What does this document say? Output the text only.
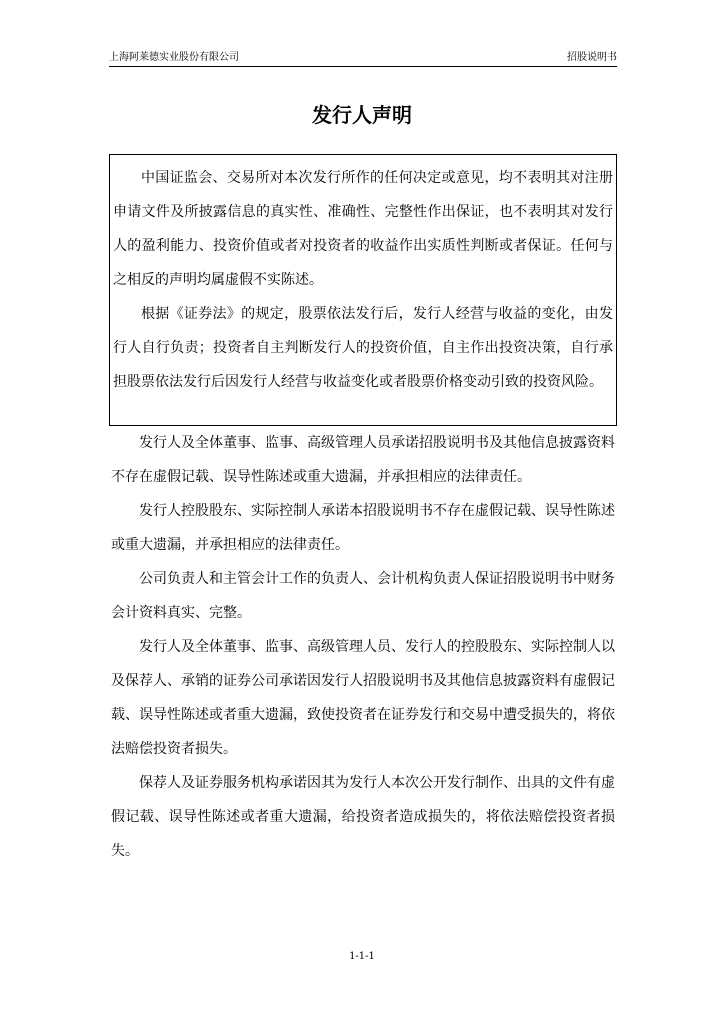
上海阿莱德实业股份有限公司	招股说明书
发行人声明

中国证监会、交易所对本次发行所作的任何决定或意见，均不表明其对注册申请文件及所披露信息的真实性、准确性、完整性作出保证，也不表明其对发行人的盈利能力、投资价值或者对投资者的收益作出实质性判断或者保证。任何与之相反的声明均属虚假不实陈述。

根据《证券法》的规定，股票依法发行后，发行人经营与收益的变化，由发行人自行负责；投资者自主判断发行人的投资价值，自主作出投资决策，自行承担股票依法发行后因发行人经营与收益变化或者股票价格变动引致的投资风险。

发行人及全体董事、监事、高级管理人员承诺招股说明书及其他信息披露资料不存在虚假记载、误导性陈述或重大遗漏，并承担相应的法律责任。

发行人控股股东、实际控制人承诺本招股说明书不存在虚假记载、误导性陈述或重大遗漏，并承担相应的法律责任。

公司负责人和主管会计工作的负责人、会计机构负责人保证招股说明书中财务会计资料真实、完整。

发行人及全体董事、监事、高级管理人员、发行人的控股股东、实际控制人以及保荐人、承销的证券公司承诺因发行人招股说明书及其他信息披露资料有虚假记载、误导性陈述或者重大遗漏，致使投资者在证券发行和交易中遭受损失的，将依法赔偿投资者损失。

保荐人及证券服务机构承诺因其为发行人本次公开发行制作、出具的文件有虚假记载、误导性陈述或者重大遗漏，给投资者造成损失的，将依法赔偿投资者损失。

1-1-1
